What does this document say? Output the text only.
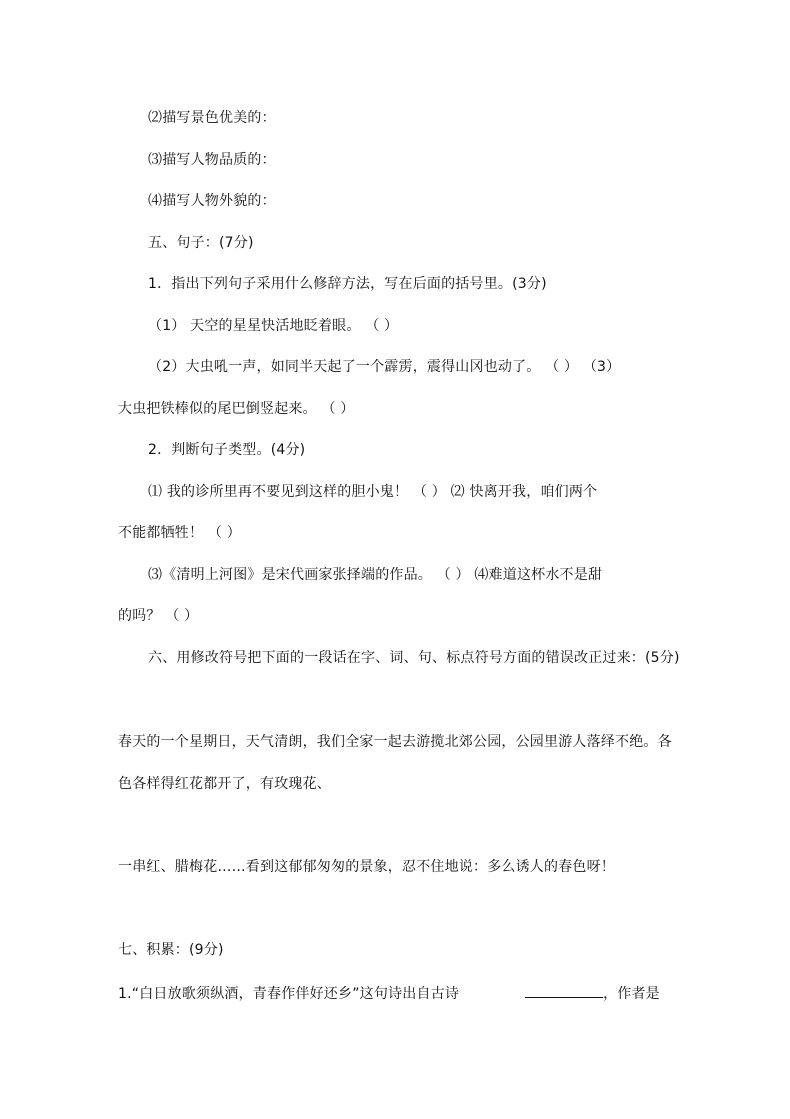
⑵描写景色优美的：
⑶描写人物品质的：
⑷描写人物外貌的：
五、句子：(7分)
1．指出下列句子采用什么修辞方法，写在后面的括号里。(3分)
（1） 天空的星星快活地眨着眼。 （ ）
（2）大虫吼一声，如同半天起了一个霹雳，震得山冈也动了。 （ ） （3）
大虫把铁棒似的尾巴倒竖起来。 （ ）
2．判断句子类型。(4分)
⑴ 我的诊所里再不要见到这样的胆小鬼！ （ ） ⑵ 快离开我，咱们两个
不能都牺牲！ （ ）
⑶《清明上河图》是宋代画家张择端的作品。 （ ） ⑷难道这杯水不是甜
的吗？ （ ）
六、用修改符号把下面的一段话在字、词、句、标点符号方面的错误改正过来：(5分)
春天的一个星期日，天气清朗，我们全家一起去游揽北郊公园，公园里游人落绎不绝。各
色各样得红花都开了，有玫瑰花、
一串红、腊梅花……看到这郁郁匆匆的景象，忍不住地说：多么诱人的春色呀！
七、积累：(9分)
1.“白日放歌须纵酒，青春作伴好还乡”这句诗出自古诗	，作者是
